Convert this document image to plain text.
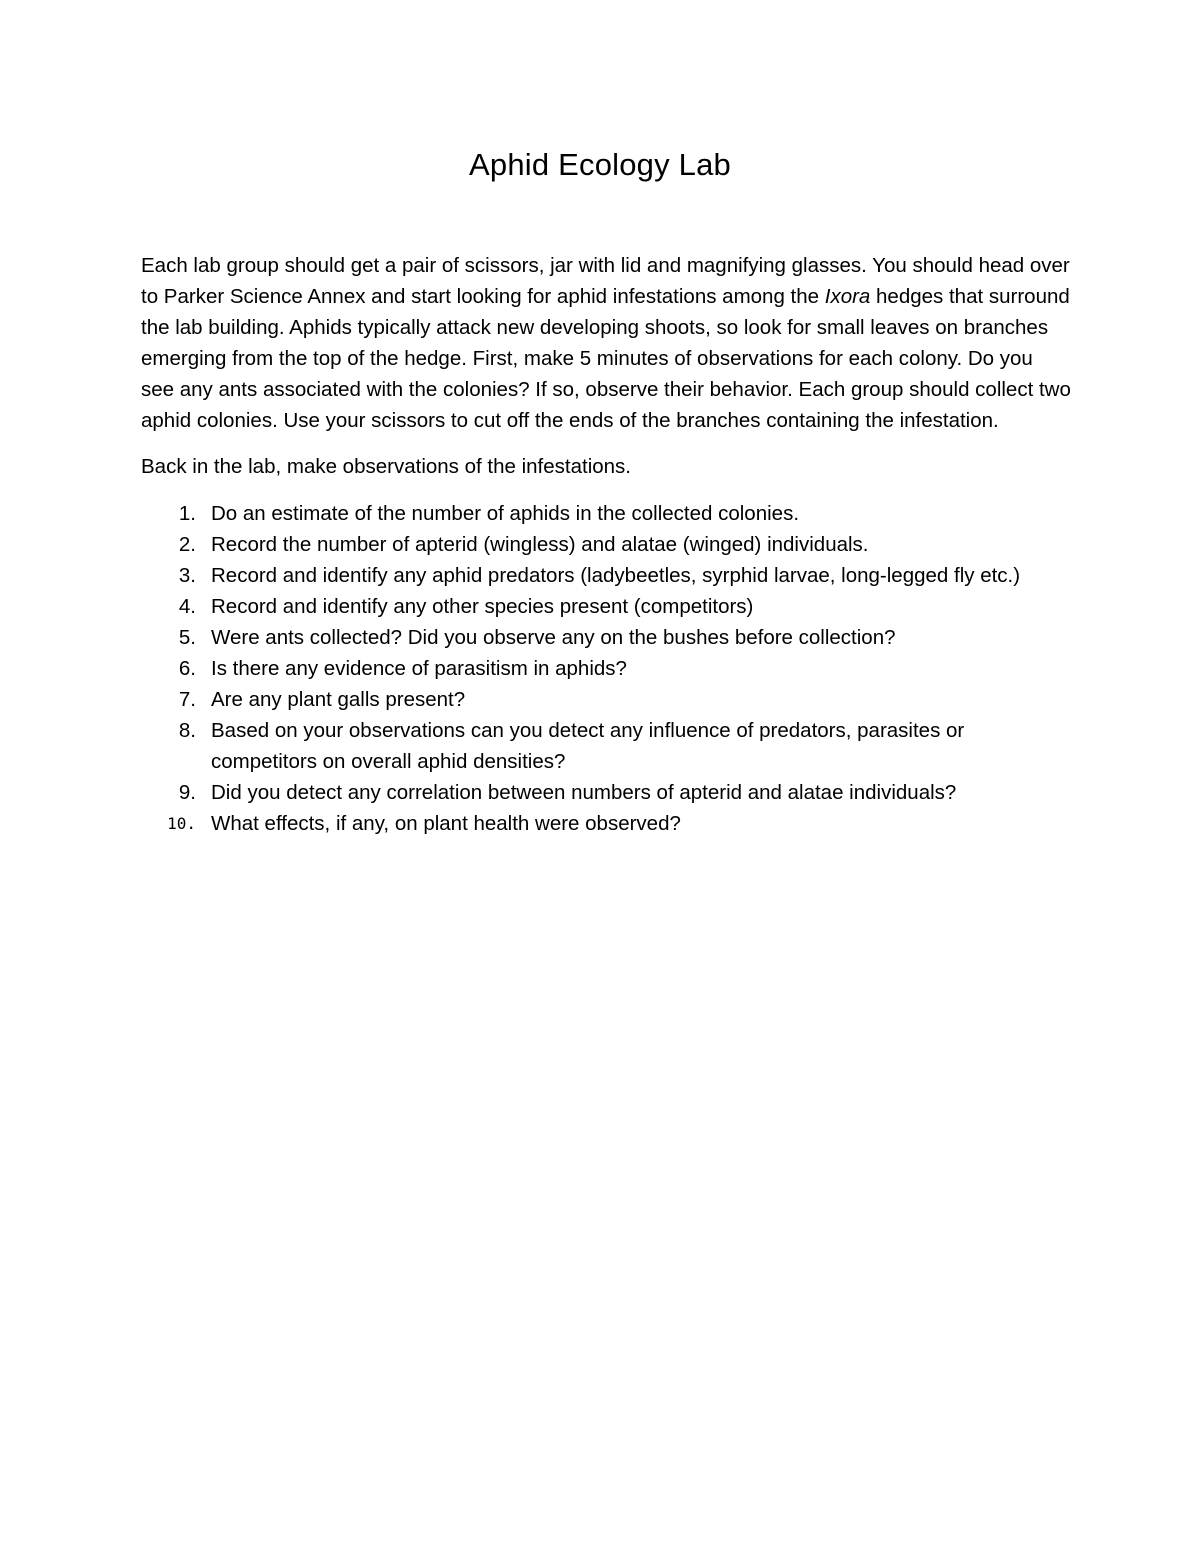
Aphid Ecology Lab

Each lab group should get a pair of scissors, jar with lid and magnifying glasses. You should head over to Parker Science Annex and start looking for aphid infestations among the Ixora hedges that surround the lab building. Aphids typically attack new developing shoots, so look for small leaves on branches emerging from the top of the hedge. First, make 5 minutes of observations for each colony. Do you see any ants associated with the colonies? If so, observe their behavior. Each group should collect two aphid colonies. Use your scissors to cut off the ends of the branches containing the infestation.

Back in the lab, make observations of the infestations.

1. Do an estimate of the number of aphids in the collected colonies.
2. Record the number of apterid (wingless) and alatae (winged) individuals.
3. Record and identify any aphid predators (ladybeetles, syrphid larvae, long-legged fly etc.)
4. Record and identify any other species present (competitors)
5. Were ants collected? Did you observe any on the bushes before collection?
6. Is there any evidence of parasitism in aphids?
7. Are any plant galls present?
8. Based on your observations can you detect any influence of predators, parasites or competitors on overall aphid densities?
9. Did you detect any correlation between numbers of apterid and alatae individuals?
10. What effects, if any, on plant health were observed?
